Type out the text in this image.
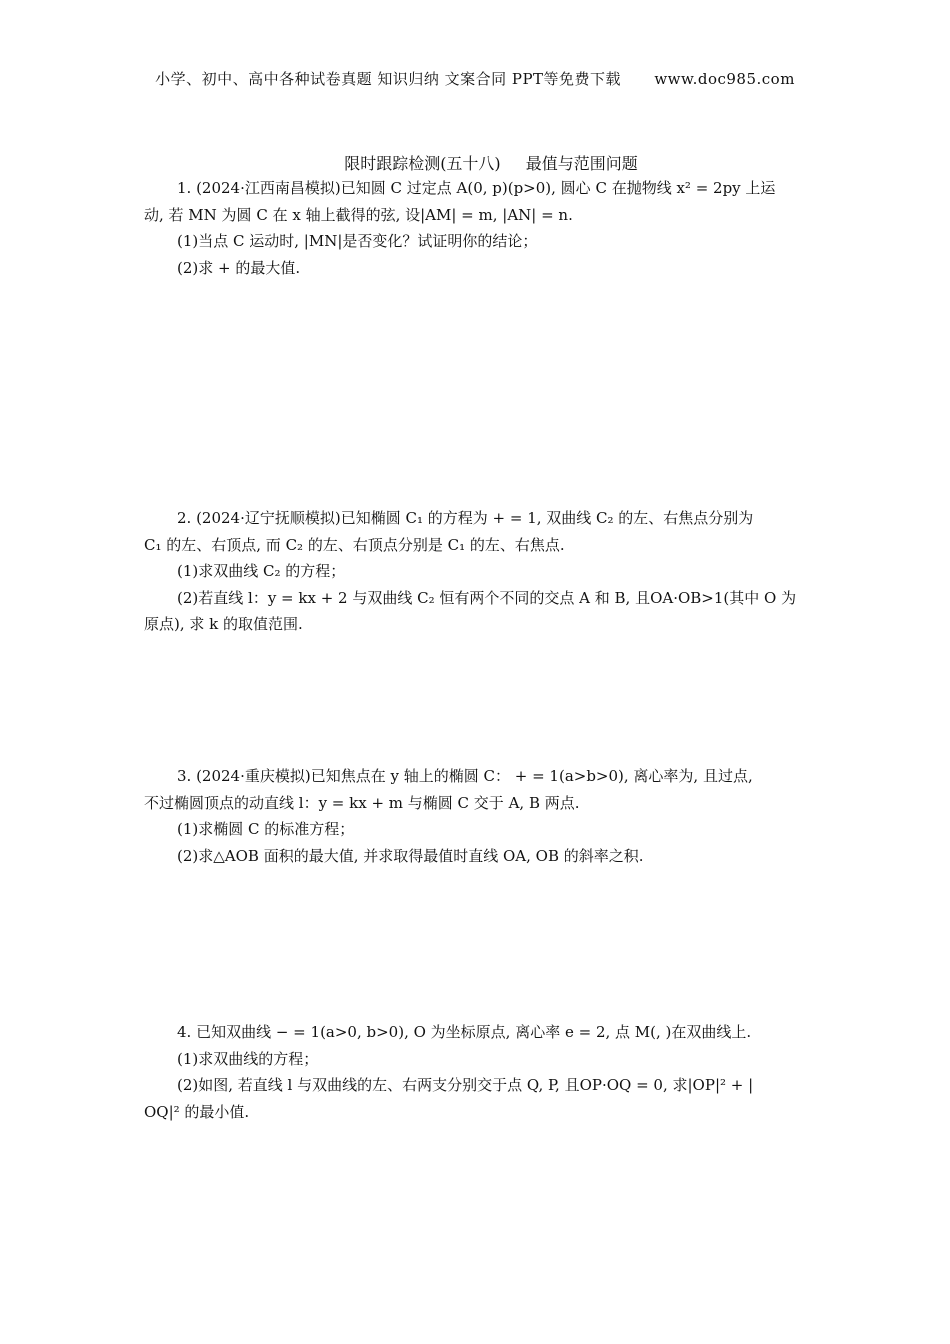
小学、初中、高中各种试卷真题 知识归纳 文案合同 PPT等免费下载 www.doc985.com
限时跟踪检测(五十八) 最值与范围问题

1. (2024·江西南昌模拟)已知圆 C 过定点 A(0, p)(p>0), 圆心 C 在抛物线 x² = 2py 上运

动, 若 MN 为圆 C 在 x 轴上截得的弦, 设|AM| = m, |AN| = n.

(1)当点 C 运动时, |MN|是否变化？试证明你的结论；

(2)求 + 的最大值.

2. (2024·辽宁抚顺模拟)已知椭圆 C₁ 的方程为 + = 1, 双曲线 C₂ 的左、右焦点分别为

C₁ 的左、右顶点, 而 C₂ 的左、右顶点分别是 C₁ 的左、右焦点.

(1)求双曲线 C₂ 的方程；

(2)若直线 l：y = kx + 2 与双曲线 C₂ 恒有两个不同的交点 A 和 B, 且OA·OB>1(其中 O 为

原点), 求 k 的取值范围.

3. (2024·重庆模拟)已知焦点在 y 轴上的椭圆 C： + = 1(a>b>0), 离心率为, 且过点,

不过椭圆顶点的动直线 l：y = kx + m 与椭圆 C 交于 A, B 两点.

(1)求椭圆 C 的标准方程；

(2)求△AOB 面积的最大值, 并求取得最值时直线 OA, OB 的斜率之积.

4. 已知双曲线 − = 1(a>0, b>0), O 为坐标原点, 离心率 e = 2, 点 M(, )在双曲线上.

(1)求双曲线的方程；

(2)如图, 若直线 l 与双曲线的左、右两支分别交于点 Q, P, 且OP·OQ = 0, 求|OP|² + |

OQ|² 的最小值.
